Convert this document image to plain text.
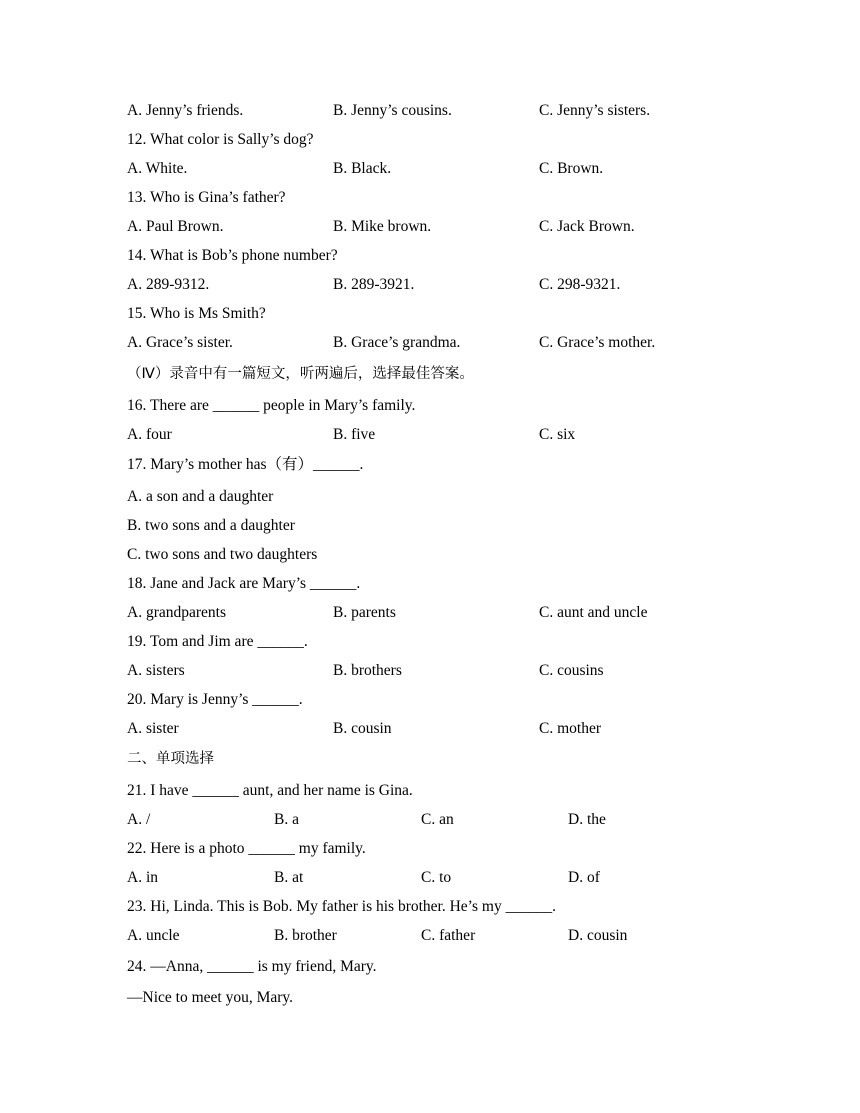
A. Jenny’s friends.	B. Jenny’s cousins.	C. Jenny’s sisters.
12. What color is Sally’s dog?
A. White.	B. Black.	C. Brown.
13. Who is Gina’s father?
A. Paul Brown.	B. Mike brown.	C. Jack Brown.
14. What is Bob’s phone number?
A. 289-9312.	B. 289-3921.	C. 298-9321.
15. Who is Ms Smith?
A. Grace’s sister.	B. Grace’s grandma.	C. Grace’s mother.
（Ⅳ）录音中有一篇短文，听两遍后，选择最佳答案。
16. There are ______ people in Mary’s family.
A. four	B. five	C. six
17. Mary’s mother has（有）______.
A. a son and a daughter
B. two sons and a daughter
C. two sons and two daughters
18. Jane and Jack are Mary’s ______.
A. grandparents	B. parents	C. aunt and uncle
19. Tom and Jim are ______.
A. sisters	B. brothers	C. cousins
20. Mary is Jenny’s ______.
A. sister	B. cousin	C. mother
二、单项选择
21. I have ______ aunt, and her name is Gina.
A. /	B. a	C. an	D. the
22. Here is a photo ______ my family.
A. in	B. at	C. to	D. of
23. Hi, Linda. This is Bob. My father is his brother. He’s my ______.
A. uncle	B. brother	C. father	D. cousin
24. —Anna, ______ is my friend, Mary.
—Nice to meet you, Mary.
